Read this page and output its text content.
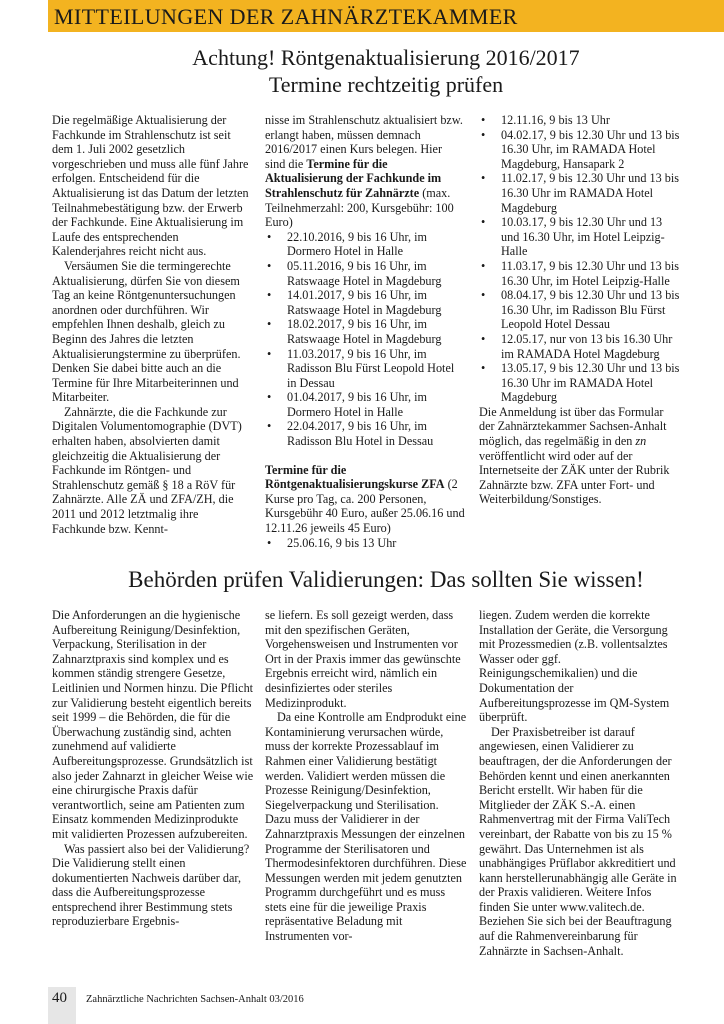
MITTEILUNGEN DER ZAHNÄRZTEKAMMER
Achtung! Röntgenaktualisierung 2016/2017
Termine rechtzeitig prüfen

Die regelmäßige Aktualisierung der Fachkunde im Strahlenschutz ist seit dem 1. Juli 2002 gesetzlich vorgeschrieben und muss alle fünf Jahre erfolgen. Entscheidend für die Aktualisierung ist das Datum der letzten Teilnahmebestätigung bzw. der Erwerb der Fachkunde. Eine Aktualisierung im Laufe des entsprechenden Kalenderjahres reicht nicht aus.

Versäumen Sie die termingerechte Aktualisierung, dürfen Sie von diesem Tag an keine Röntgenuntersuchungen anordnen oder durchführen. Wir empfehlen Ihnen deshalb, gleich zu Beginn des Jahres die letzten Aktualisierungstermine zu überprüfen. Denken Sie dabei bitte auch an die Termine für Ihre Mitarbeiterinnen und Mitarbeiter.

Zahnärzte, die die Fachkunde zur Digitalen Volumentomographie (DVT) erhalten haben, absolvierten damit gleichzeitig die Aktualisierung der Fachkunde im Röntgen- und Strahlenschutz gemäß § 18 a RöV für Zahnärzte. Alle ZÄ und ZFA/ZH, die 2011 und 2012 letztmalig ihre Fachkunde bzw. Kennt-

nisse im Strahlenschutz aktualisiert bzw. erlangt haben, müssen demnach 2016/2017 einen Kurs belegen. Hier sind die Termine für die Aktualisierung der Fachkunde im Strahlenschutz für Zahnärzte (max. Teilnehmerzahl: 200, Kursgebühr: 100 Euro)

• 22.10.2016, 9 bis 16 Uhr, im Dormero Hotel in Halle
• 05.11.2016, 9 bis 16 Uhr, im Ratswaage Hotel in Magdeburg
• 14.01.2017, 9 bis 16 Uhr, im Ratswaage Hotel in Magdeburg
• 18.02.2017, 9 bis 16 Uhr, im Ratswaage Hotel in Magdeburg
• 11.03.2017, 9 bis 16 Uhr, im Radisson Blu Fürst Leopold Hotel in Dessau
• 01.04.2017, 9 bis 16 Uhr, im Dormero Hotel in Halle
• 22.04.2017, 9 bis 16 Uhr, im Radisson Blu Hotel in Dessau

Termine für die Röntgenaktualisierungskurse ZFA (2 Kurse pro Tag, ca. 200 Personen, Kursgebühr 40 Euro, außer 25.06.16 und 12.11.26 jeweils 45 Euro)

• 25.06.16, 9 bis 13 Uhr
• 12.11.16, 9 bis 13 Uhr
• 04.02.17, 9 bis 12.30 Uhr und 13 bis 16.30 Uhr, im RAMADA Hotel Magdeburg, Hansapark 2
• 11.02.17, 9 bis 12.30 Uhr und 13 bis 16.30 Uhr im RAMADA Hotel Magdeburg
• 10.03.17, 9 bis 12.30 Uhr und 13 und 16.30 Uhr, im Hotel Leipzig-Halle
• 11.03.17, 9 bis 12.30 Uhr und 13 bis 16.30 Uhr, im Hotel Leipzig-Halle
• 08.04.17, 9 bis 12.30 Uhr und 13 bis 16.30 Uhr, im Radisson Blu Fürst Leopold Hotel Dessau
• 12.05.17, nur von 13 bis 16.30 Uhr im RAMADA Hotel Magdeburg
• 13.05.17, 9 bis 12.30 Uhr und 13 bis 16.30 Uhr im RAMADA Hotel Magdeburg

Die Anmeldung ist über das Formular der Zahnärztekammer Sachsen-Anhalt möglich, das regelmäßig in den zn veröffentlicht wird oder auf der Internetseite der ZÄK unter der Rubrik Zahnärzte bzw. ZFA unter Fort- und Weiterbildung/Sonstiges.

Behörden prüfen Validierungen: Das sollten Sie wissen!

Die Anforderungen an die hygienische Aufbereitung Reinigung/Desinfektion, Verpackung, Sterilisation in der Zahnarztpraxis sind komplex und es kommen ständig strengere Gesetze, Leitlinien und Normen hinzu. Die Pflicht zur Validierung besteht eigentlich bereits seit 1999 – die Behörden, die für die Überwachung zuständig sind, achten zunehmend auf validierte Aufbereitungsprozesse. Grundsätzlich ist also jeder Zahnarzt in gleicher Weise wie eine chirurgische Praxis dafür verantwortlich, seine am Patienten zum Einsatz kommenden Medizinprodukte mit validierten Prozessen aufzubereiten.

Was passiert also bei der Validierung? Die Validierung stellt einen dokumentierten Nachweis darüber dar, dass die Aufbereitungsprozesse entsprechend ihrer Bestimmung stets reproduzierbare Ergebnis-

se liefern. Es soll gezeigt werden, dass mit den spezifischen Geräten, Vorgehensweisen und Instrumenten vor Ort in der Praxis immer das gewünschte Ergebnis erreicht wird, nämlich ein desinfiziertes oder steriles Medizinprodukt.

Da eine Kontrolle am Endprodukt eine Kontaminierung verursachen würde, muss der korrekte Prozessablauf im Rahmen einer Validierung bestätigt werden. Validiert werden müssen die Prozesse Reinigung/Desinfektion, Siegelverpackung und Sterilisation. Dazu muss der Validierer in der Zahnarztpraxis Messungen der einzelnen Programme der Sterilisatoren und Thermodesinfektoren durchführen. Diese Messungen werden mit jedem genutzten Programm durchgeführt und es muss stets eine für die jeweilige Praxis repräsentative Beladung mit Instrumenten vor-

liegen. Zudem werden die korrekte Installation der Geräte, die Versorgung mit Prozessmedien (z.B. vollentsalztes Wasser oder ggf. Reinigungschemikalien) und die Dokumentation der Aufbereitungsprozesse im QM-System überprüft.

Der Praxisbetreiber ist darauf angewiesen, einen Validierer zu beauftragen, der die Anforderungen der Behörden kennt und einen anerkannten Bericht erstellt. Wir haben für die Mitglieder der ZÄK S.-A. einen Rahmenvertrag mit der Firma ValiTech vereinbart, der Rabatte von bis zu 15 % gewährt. Das Unternehmen ist als unabhängiges Prüflabor akkreditiert und kann herstellerunabhängig alle Geräte in der Praxis validieren. Weitere Infos finden Sie unter www.valitech.de. Beziehen Sie sich bei der Beauftragung auf die Rahmenvereinbarung für Zahnärzte in Sachsen-Anhalt.

40 Zahnärztliche Nachrichten Sachsen-Anhalt 03/2016
